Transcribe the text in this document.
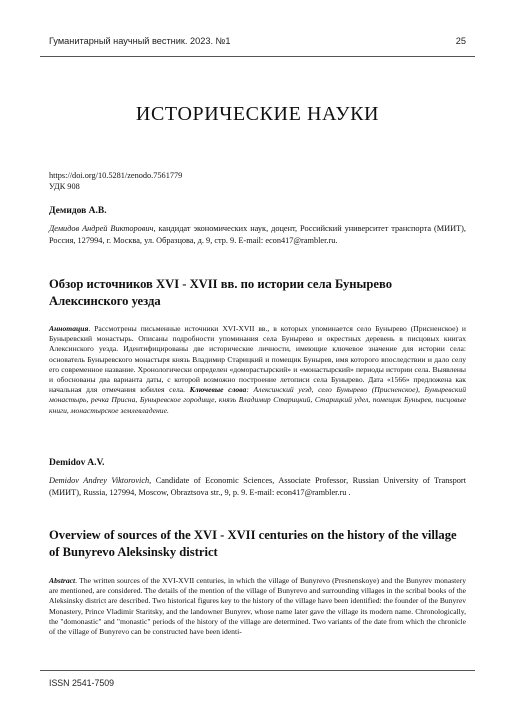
Гуманитарный научный вестник. 2023. №1	25
ИСТОРИЧЕСКИЕ НАУКИ
https://doi.org/10.5281/zenodo.7561779
УДК 908
Демидов А.В.
Демидов Андрей Викторович, кандидат экономических наук, доцент, Российский университет транспорта (МИИТ), Россия, 127994, г. Москва, ул. Образцова, д. 9, стр. 9. E-mail: econ417@rambler.ru.
Обзор источников XVI - XVII вв. по истории села Бунырево Алексинского уезда
Аннотация. Рассмотрены письменные источники XVI-XVII вв., в которых упоминается село Бунырево (Присненское) и Буныревский монастырь. Описаны подробности упоминания села Бунырево и окрестных деревень в писцовых книгах Алексинского уезда. Идентифицированы две исторические личности, имеющие ключевое значение для истории села: основатель Буныревского монастыря князь Владимир Старицкий и помещик Бунырев, имя которого впоследствии и дало селу его современное название. Хронологически определен «доморастырский» и «монастырский» периоды истории села. Выявлены и обоснованы два варианта даты, с которой возможно построение летописи села Бунырево. Дата «1566» предложена как начальная для отмечания юбилея села. Ключевые слова: Алексинский уезд, село Бунырево (Присненское), Буныревский монастырь, речка Присна, Буныревское городище, князь Владимир Старицкий, Старицкий удел, помещик Бунырев, писцовые книги, монастырское землевладение.
Demidov A.V.
Demidov Andrey Viktorovich, Candidate of Economic Sciences, Associate Professor, Russian University of Transport (МИИТ), Russia, 127994, Moscow, Obraztsova str., 9, p. 9. E-mail: econ417@rambler.ru .
Overview of sources of the XVI - XVII centuries on the history of the village of Bunyrevo Aleksinsky district
Abstract. The written sources of the XVI-XVII centuries, in which the village of Bunyrevo (Presnenskoye) and the Bunyrev monastery are mentioned, are considered. The details of the mention of the village of Bunyrevo and surrounding villages in the scribal books of the Aleksinsky district are described. Two historical figures key to the history of the village have been identified: the founder of the Bunyrev Monastery, Prince Vladimir Staritsky, and the landowner Bunyrev, whose name later gave the village its modern name. Chronologically, the "domonastic" and "monastic" periods of the history of the village are determined. Two variants of the date from which the chronicle of the village of Bunyrevo can be constructed have been identi-
ISSN 2541-7509
